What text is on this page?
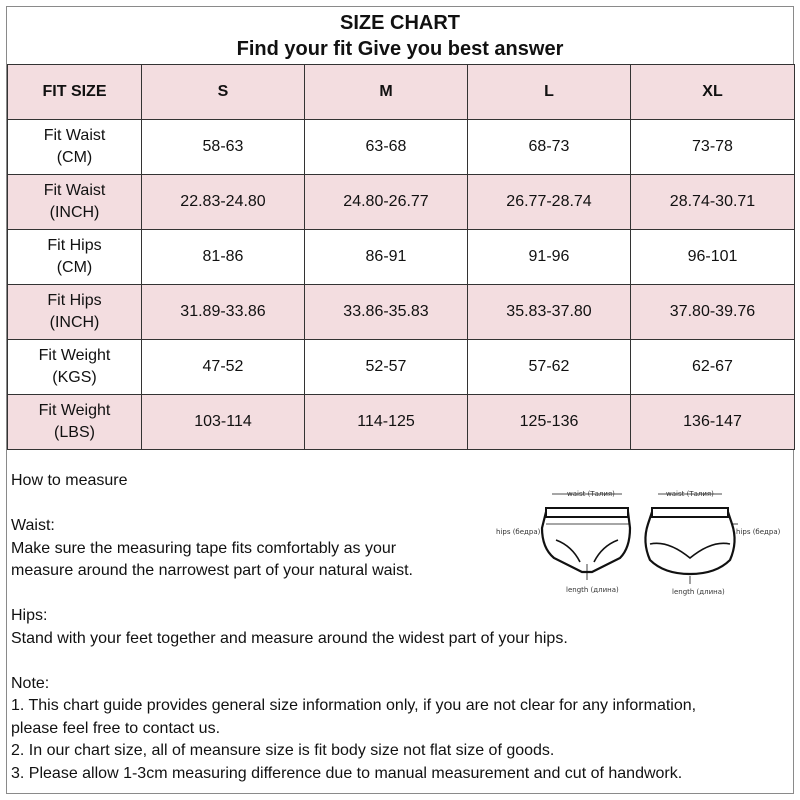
SIZE CHART
Find your fit Give you best answer
FIT SIZE	S	M	L	XL

Fit Waist
(CM)	58-63	63-68	68-73	73-78

Fit Waist
(INCH)	22.83-24.80	24.80-26.77	26.77-28.74	28.74-30.71

Fit Hips
(CM)	81-86	86-91	91-96	96-101

Fit Hips
(INCH)	31.89-33.86	33.86-35.83	35.83-37.80	37.80-39.76

Fit Weight
(KGS)	47-52	52-57	57-62	62-67

Fit Weight
(LBS)	103-114	114-125	125-136	136-147
How to measure
Waist:
Make sure the measuring tape fits comfortably as your
measure around the narrowest part of your natural waist.
Hips:
Stand with your feet together and measure around the widest part of your hips.
Note:
1. This chart guide provides general size information only, if you are not clear for any information,
please feel free to contact us.
2. In our chart size, all of meansure size is fit body size not flat size of goods.
3. Please allow 1-3cm measuring difference due to manual measurement and cut of handwork.
waist (Талия)
hips (бедра)
length (длина)
waist (Талия)
hips (бедра)
length (длина)
